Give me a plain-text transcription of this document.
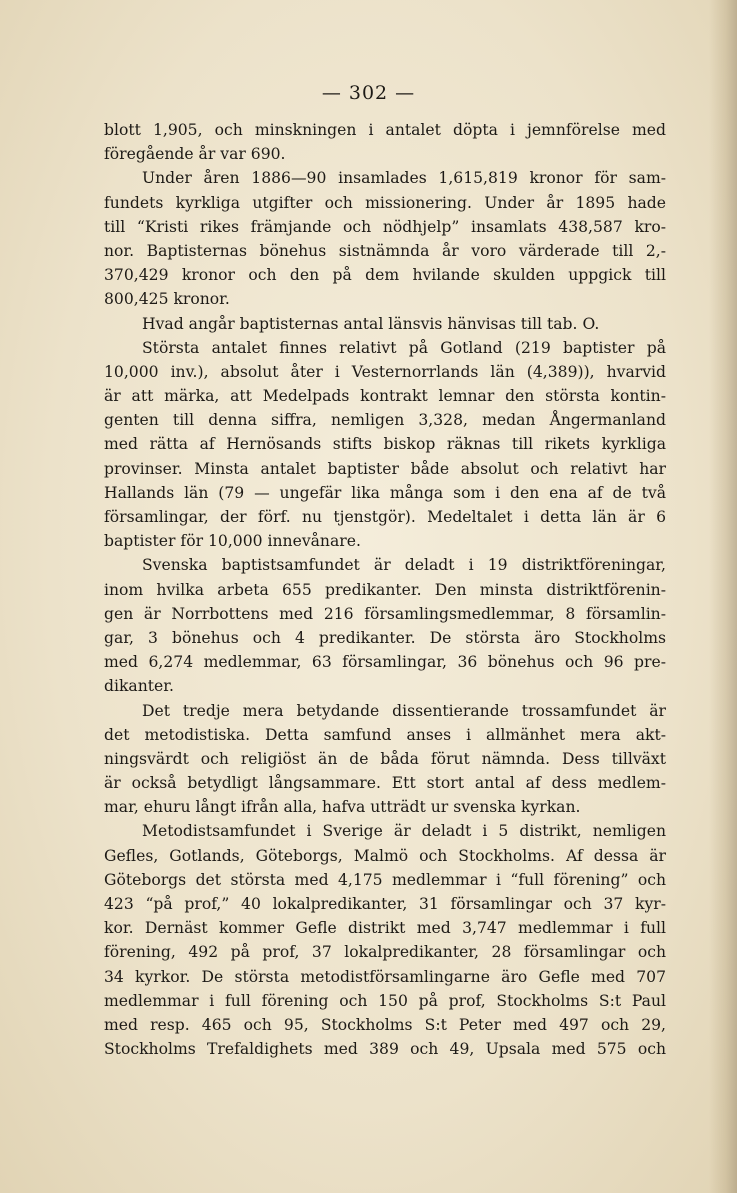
— 302 —
blott 1,905, och minskningen i antalet döpta i jemnförelse med
föregående år var 690.
Under åren 1886—90 insamlades 1,615,819 kronor för sam-
fundets kyrkliga utgifter och missionering. Under år 1895 hade
till “Kristi rikes främjande och nödhjelp” insamlats 438,587 kro-
nor. Baptisternas bönehus sistnämnda år voro värderade till 2,-
370,429 kronor och den på dem hvilande skulden uppgick till
800,425 kronor.
Hvad angår baptisternas antal länsvis hänvisas till tab. O.
Största antalet finnes relativt på Gotland (219 baptister på
10,000 inv.), absolut åter i Vesternorrlands län (4,389)), hvarvid
är att märka, att Medelpads kontrakt lemnar den största kontin-
genten till denna siffra, nemligen 3,328, medan Ångermanland
med rätta af Hernösands stifts biskop räknas till rikets kyrkliga
provinser. Minsta antalet baptister både absolut och relativt har
Hallands län (79 — ungefär lika många som i den ena af de två
församlingar, der förf. nu tjenstgör). Medeltalet i detta län är 6
baptister för 10,000 innevånare.
Svenska baptistsamfundet är deladt i 19 distriktföreningar,
inom hvilka arbeta 655 predikanter. Den minsta distriktförenin-
gen är Norrbottens med 216 församlingsmedlemmar, 8 församlin-
gar, 3 bönehus och 4 predikanter. De största äro Stockholms
med 6,274 medlemmar, 63 församlingar, 36 bönehus och 96 pre-
dikanter.
Det tredje mera betydande dissentierande trossamfundet är
det metodistiska. Detta samfund anses i allmänhet mera akt-
ningsvärdt och religiöst än de båda förut nämnda. Dess tillväxt
är också betydligt långsammare. Ett stort antal af dess medlem-
mar, ehuru långt ifrån alla, hafva utträdt ur svenska kyrkan.
Metodistsamfundet i Sverige är deladt i 5 distrikt, nemligen
Gefles, Gotlands, Göteborgs, Malmö och Stockholms. Af dessa är
Göteborgs det största med 4,175 medlemmar i “full förening” och
423 “på prof,” 40 lokalpredikanter, 31 församlingar och 37 kyr-
kor. Dernäst kommer Gefle distrikt med 3,747 medlemmar i full
förening, 492 på prof, 37 lokalpredikanter, 28 församlingar och
34 kyrkor. De största metodistförsamlingarne äro Gefle med 707
medlemmar i full förening och 150 på prof, Stockholms S:t Paul
med resp. 465 och 95, Stockholms S:t Peter med 497 och 29,
Stockholms Trefaldighets med 389 och 49, Upsala med 575 och
